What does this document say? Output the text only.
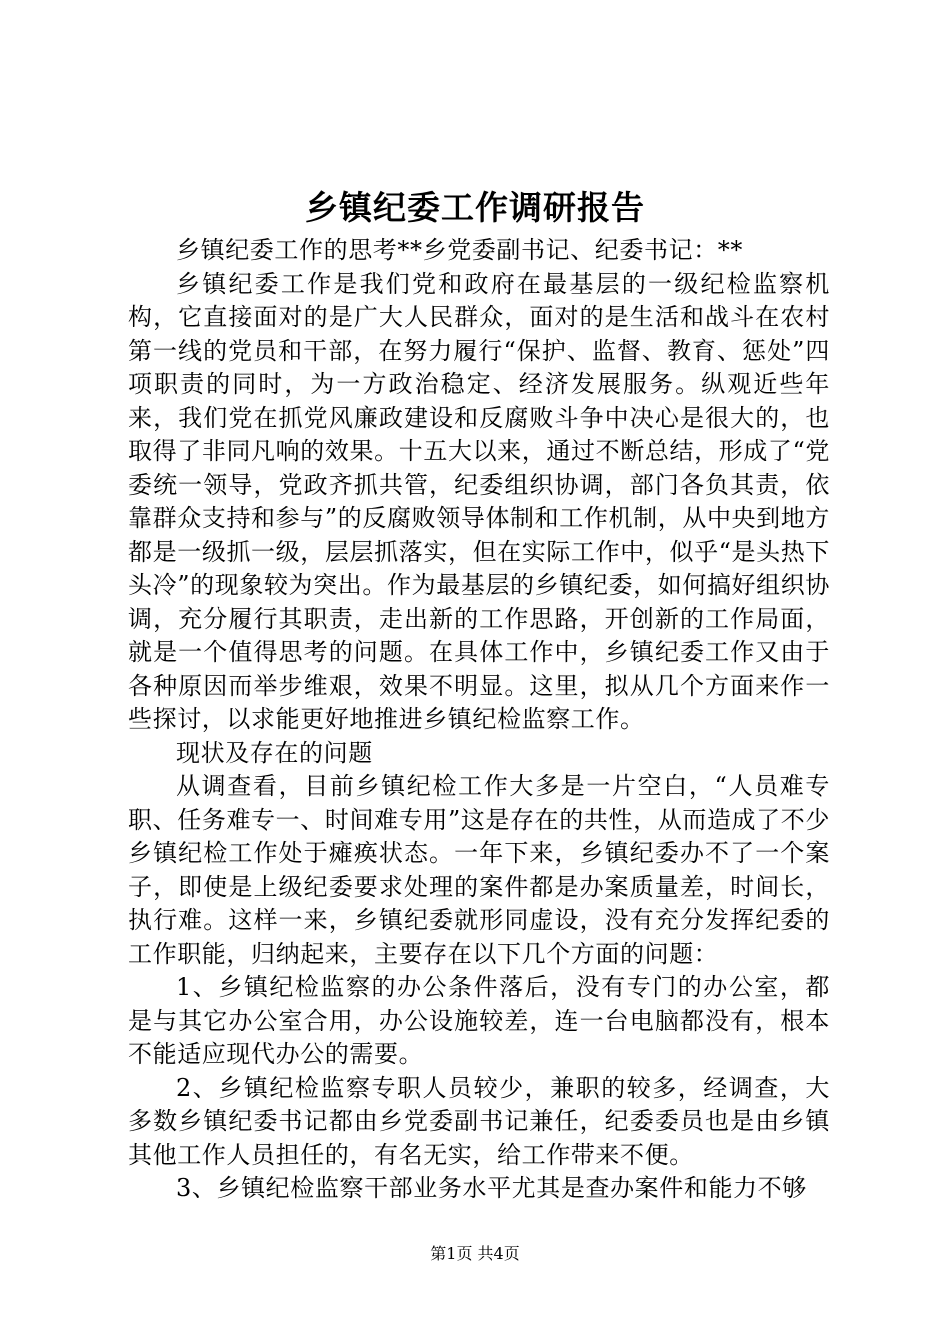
乡镇纪委工作调研报告

乡镇纪委工作的思考**乡党委副书记、纪委书记：**

乡镇纪委工作是我们党和政府在最基层的一级纪检监察机构，它直接面对的是广大人民群众，面对的是生活和战斗在农村第一线的党员和干部，在努力履行“保护、监督、教育、惩处”四项职责的同时，为一方政治稳定、经济发展服务。纵观近些年来，我们党在抓党风廉政建设和反腐败斗争中决心是很大的，也取得了非同凡响的效果。十五大以来，通过不断总结，形成了“党委统一领导，党政齐抓共管，纪委组织协调，部门各负其责，依靠群众支持和参与”的反腐败领导体制和工作机制，从中央到地方都是一级抓一级，层层抓落实，但在实际工作中，似乎“是头热下头冷”的现象较为突出。作为最基层的乡镇纪委，如何搞好组织协调，充分履行其职责，走出新的工作思路，开创新的工作局面，就是一个值得思考的问题。在具体工作中，乡镇纪委工作又由于各种原因而举步维艰，效果不明显。这里，拟从几个方面来作一些探讨，以求能更好地推进乡镇纪检监察工作。

现状及存在的问题

从调查看，目前乡镇纪检工作大多是一片空白，“人员难专职、任务难专一、时间难专用”这是存在的共性，从而造成了不少乡镇纪检工作处于瘫痪状态。一年下来，乡镇纪委办不了一个案子，即使是上级纪委要求处理的案件都是办案质量差，时间长，执行难。这样一来，乡镇纪委就形同虚设，没有充分发挥纪委的工作职能，归纳起来，主要存在以下几个方面的问题：

1、乡镇纪检监察的办公条件落后，没有专门的办公室，都是与其它办公室合用，办公设施较差，连一台电脑都没有，根本不能适应现代办公的需要。

2、乡镇纪检监察专职人员较少，兼职的较多，经调查，大多数乡镇纪委书记都由乡党委副书记兼任，纪委委员也是由乡镇其他工作人员担任的，有名无实，给工作带来不便。

3、乡镇纪检监察干部业务水平尤其是查办案件和能力不够

第1页 共4页
